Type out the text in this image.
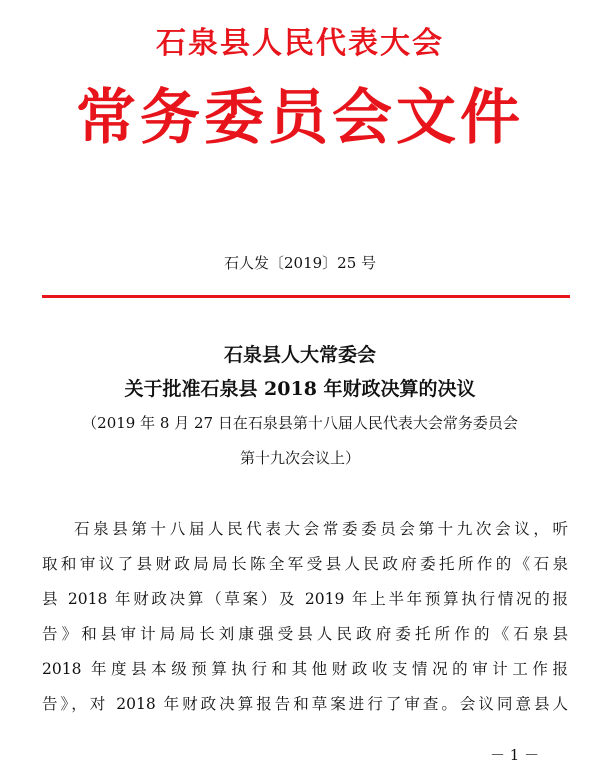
石泉县人民代表大会
常务委员会文件
石人发〔2019〕25 号
石泉县人大常委会
关于批准石泉县 2018 年财政决算的决议
（2019 年 8 月 27 日在石泉县第十八届人民代表大会常务委员会
第十九次会议上）
石泉县第十八届人民代表大会常委委员会第十九次会议，听
取和审议了县财政局局长陈全军受县人民政府委托所作的《石泉
县 2018 年财政决算（草案）及 2019 年上半年预算执行情况的报
告》和县审计局局长刘康强受县人民政府委托所作的《石泉县
2018 年度县本级预算执行和其他财政收支情况的审计工作报
告》，对 2018 年财政决算报告和草案进行了审查。会议同意县人
－ 1 －
